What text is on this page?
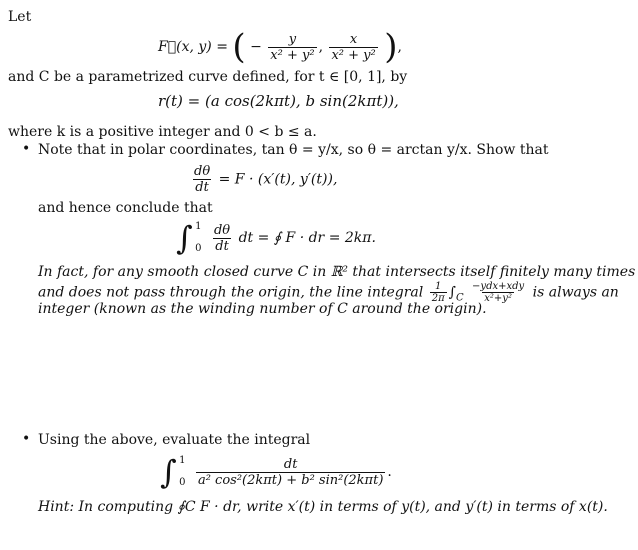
Let
F⃗(x, y) = ( − $\frac{y}{\text{x² + y²}}$ , $\frac{x}{\text{x² + y²}}$ ),
and C be a parametrized curve defined, for t ∈ [0, 1], by
r(t) = (a cos(2kπt), b sin(2kπt)),
where k is a positive integer and 0 < b ≤ a.
• Note that in polar coordinates, tan θ = y/x, so θ = arctan y/x. Show that
$\frac{d\theta}{dt} = F \cdot (x'(t)$, y′(t)),
and hence conclude that
∫ 1
0
$\frac{d\theta}{dt}$ dt = ∮ F · dr = 2kπ.
In fact, for any smooth closed curve C in ℝ² that intersects itself finitely many times
and does not pass through the origin, the line integral $\frac{1}{2\pi} \int_C \frac{\text{−ydx+xdy}}{\text{x²+y²}}$ is always an
integer (known as the winding number of C around the origin).
• Using the above, evaluate the integral
∫ 1
0
$\frac{dt}{\text{a² cos²(2kπt) + b² sin²(2kπt)}}$ .
Hint: In computing ∮C F · dr, write x′(t) in terms of y(t), and y′(t) in terms of x(t).
